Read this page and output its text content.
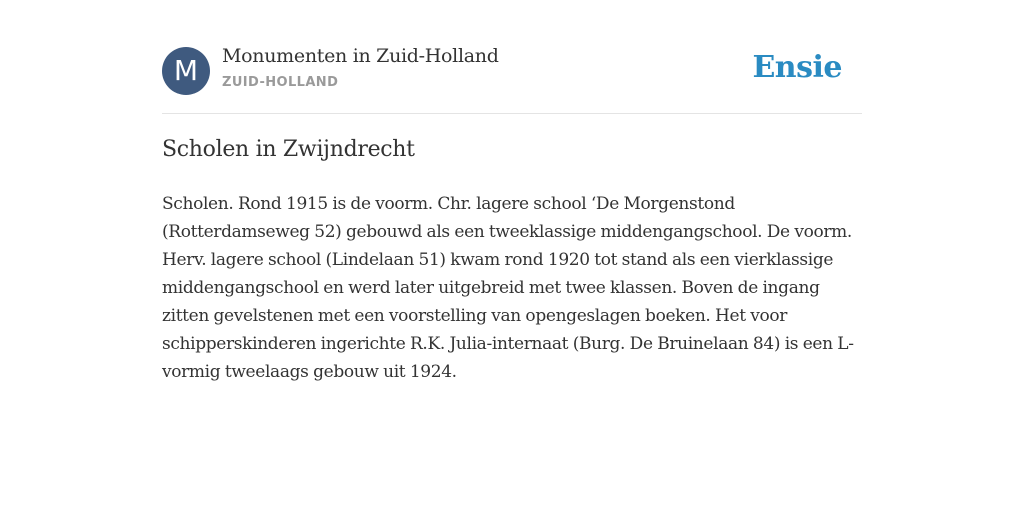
M	Monumenten in Zuid-Holland
ZUID-HOLLAND	Ensie
Scholen in Zwijndrecht

Scholen. Rond 1915 is de voorm. Chr. lagere school ‘De Morgenstond (Rotterdamseweg 52) gebouwd als een tweeklassige middengangschool. De voorm. Herv. lagere school (Lindelaan 51) kwam rond 1920 tot stand als een vierklassige middengangschool en werd later uitgebreid met twee klassen. Boven de ingang zitten gevelstenen met een voorstelling van opengeslagen boeken. Het voor schipperskinderen ingerichte R.K. Julia-internaat (Burg. De Bruinelaan 84) is een L-vormig tweelaags gebouw uit 1924.
